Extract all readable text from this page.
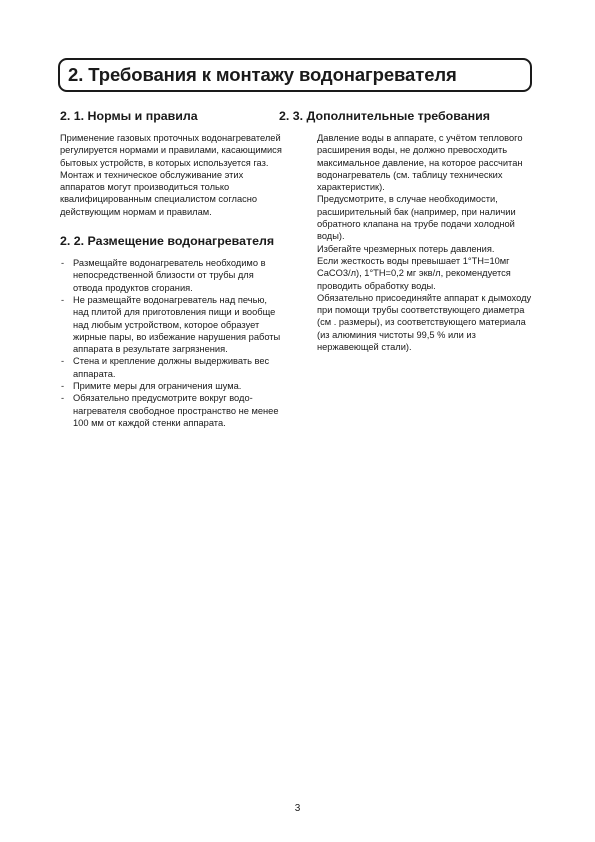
2. Требования к монтажу водонагревателя
2. 1. Нормы и правила

Применение газовых проточных водонагревателей регулируется нормами и правилами, касающимися бытовых устройств, в которых используется газ. Монтаж и техническое обслуживание этих аппаратов могут производиться только квалифицированным специалистом согласно действующим нормам и правилам.

2. 2. Размещение водонагревателя
- Размещайте водонагреватель необходимо в непосредственной близости от трубы для отвода продуктов сгорания.
- Не размещайте водонагреватель над печью, над плитой для приготовления пищи и вообще над любым устройством, которое образует жирные пары, во избежание нарушения работы аппарата в результате загрязнения.
- Стена и крепление должны выдерживать вес аппарата.
- Примите меры для ограничения шума.
- Обязательно предусмотрите вокруг водонагревателя свободное пространство не менее 100 мм от каждой стенки аппарата.
2. 3. Дополнительные требования

Давление воды в аппарате, с учётом теплового расширения воды, не должно превосходить максимальное давление, на которое рассчитан водонагреватель (см. таблицу технических характеристик).

Предусмотрите, в случае необходимости, расширительный бак (например, при наличии обратного клапана на трубе подачи холодной воды).

Избегайте чрезмерных потерь давления.

Если жесткость воды превышает 1°TH=10мг CaCO3/л), 1°TH=0,2 мг экв/л, рекомендуется проводить обработку воды.

Обязательно присоединяйте аппарат к дымоходу при помощи трубы соответствующего диаметра (см . размеры), из соответствующего материала (из алюминия чистоты 99,5 % или из нержавеющей стали).

3
